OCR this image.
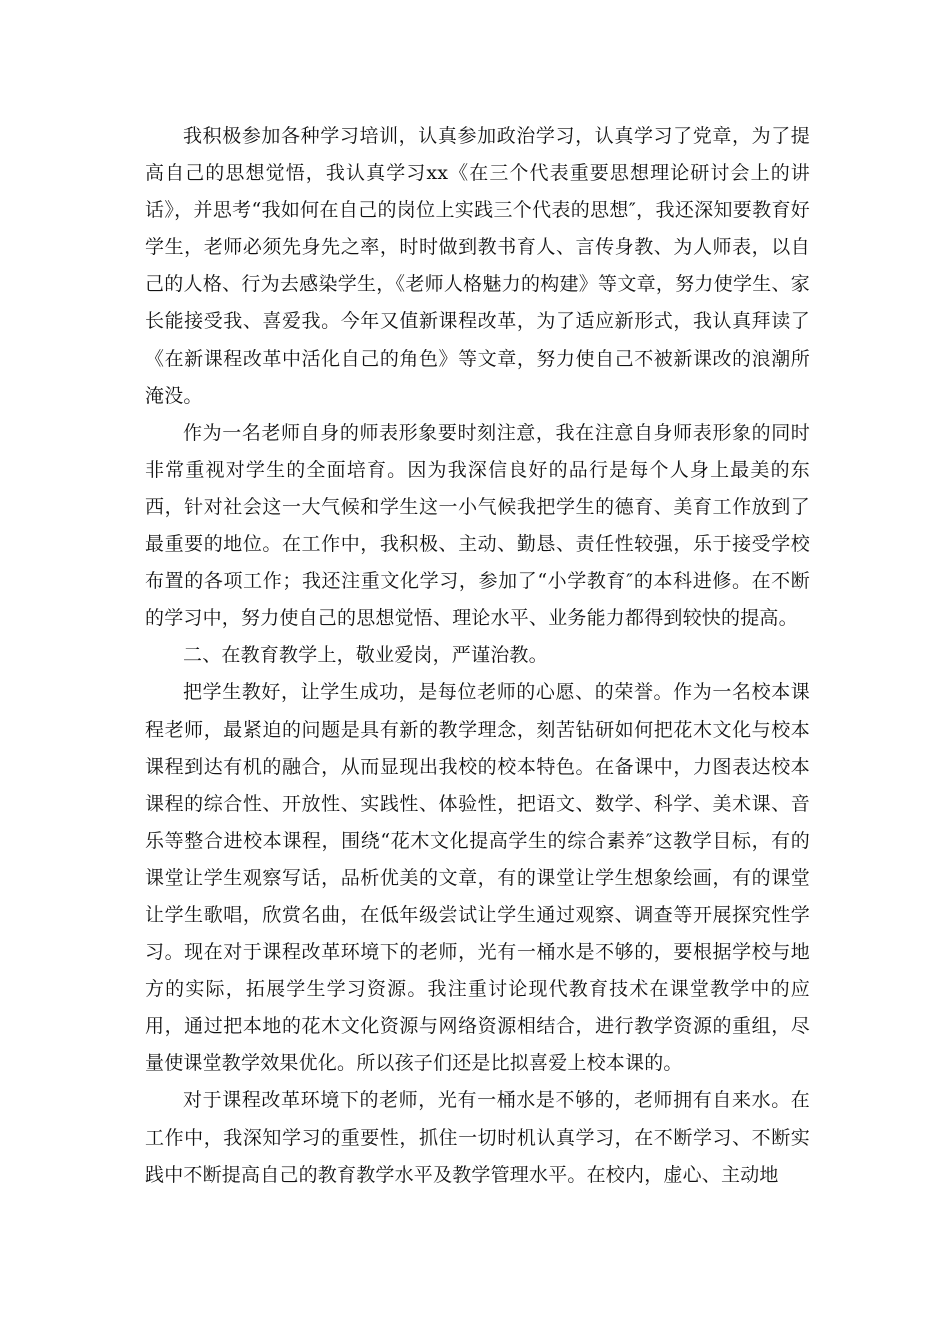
我积极参加各种学习培训，认真参加政治学习，认真学习了党章，为了提高自己的思想觉悟，我认真学习xx《在三个代表重要思想理论研讨会上的讲话》，并思考“我如何在自己的岗位上实践三个代表的思想″，我还深知要教育好学生，老师必须先身先之率，时时做到教书育人、言传身教、为人师表，以自己的人格、行为去感染学生，《老师人格魅力的构建》等文章，努力使学生、家长能接受我、喜爱我。今年又值新课程改革，为了适应新形式，我认真拜读了《在新课程改革中活化自己的角色》等文章，努力使自己不被新课改的浪潮所淹没。

作为一名老师自身的师表形象要时刻注意，我在注意自身师表形象的同时非常重视对学生的全面培育。因为我深信良好的品行是每个人身上最美的东西，针对社会这一大气候和学生这一小气候我把学生的德育、美育工作放到了最重要的地位。在工作中，我积极、主动、勤恳、责任性较强，乐于接受学校布置的各项工作；我还注重文化学习，参加了“小学教育″的本科进修。在不断的学习中，努力使自己的思想觉悟、理论水平、业务能力都得到较快的提高。

二、在教育教学上，敬业爱岗，严谨治教。

把学生教好，让学生成功，是每位老师的心愿、的荣誉。作为一名校本课程老师，最紧迫的问题是具有新的教学理念，刻苦钻研如何把花木文化与校本课程到达有机的融合，从而显现出我校的校本特色。在备课中，力图表达校本课程的综合性、开放性、实践性、体验性，把语文、数学、科学、美术课、音乐等整合进校本课程，围绕“花木文化提高学生的综合素养″这教学目标，有的课堂让学生观察写话，品析优美的文章，有的课堂让学生想象绘画，有的课堂让学生歌唱，欣赏名曲，在低年级尝试让学生通过观察、调查等开展探究性学习。现在对于课程改革环境下的老师，光有一桶水是不够的，要根据学校与地方的实际，拓展学生学习资源。我注重讨论现代教育技术在课堂教学中的应用，通过把本地的花木文化资源与网络资源相结合，进行教学资源的重组，尽量使课堂教学效果优化。所以孩子们还是比拟喜爱上校本课的。

对于课程改革环境下的老师，光有一桶水是不够的，老师拥有自来水。在工作中，我深知学习的重要性，抓住一切时机认真学习，在不断学习、不断实践中不断提高自己的教育教学水平及教学管理水平。在校内，虚心、主动地
